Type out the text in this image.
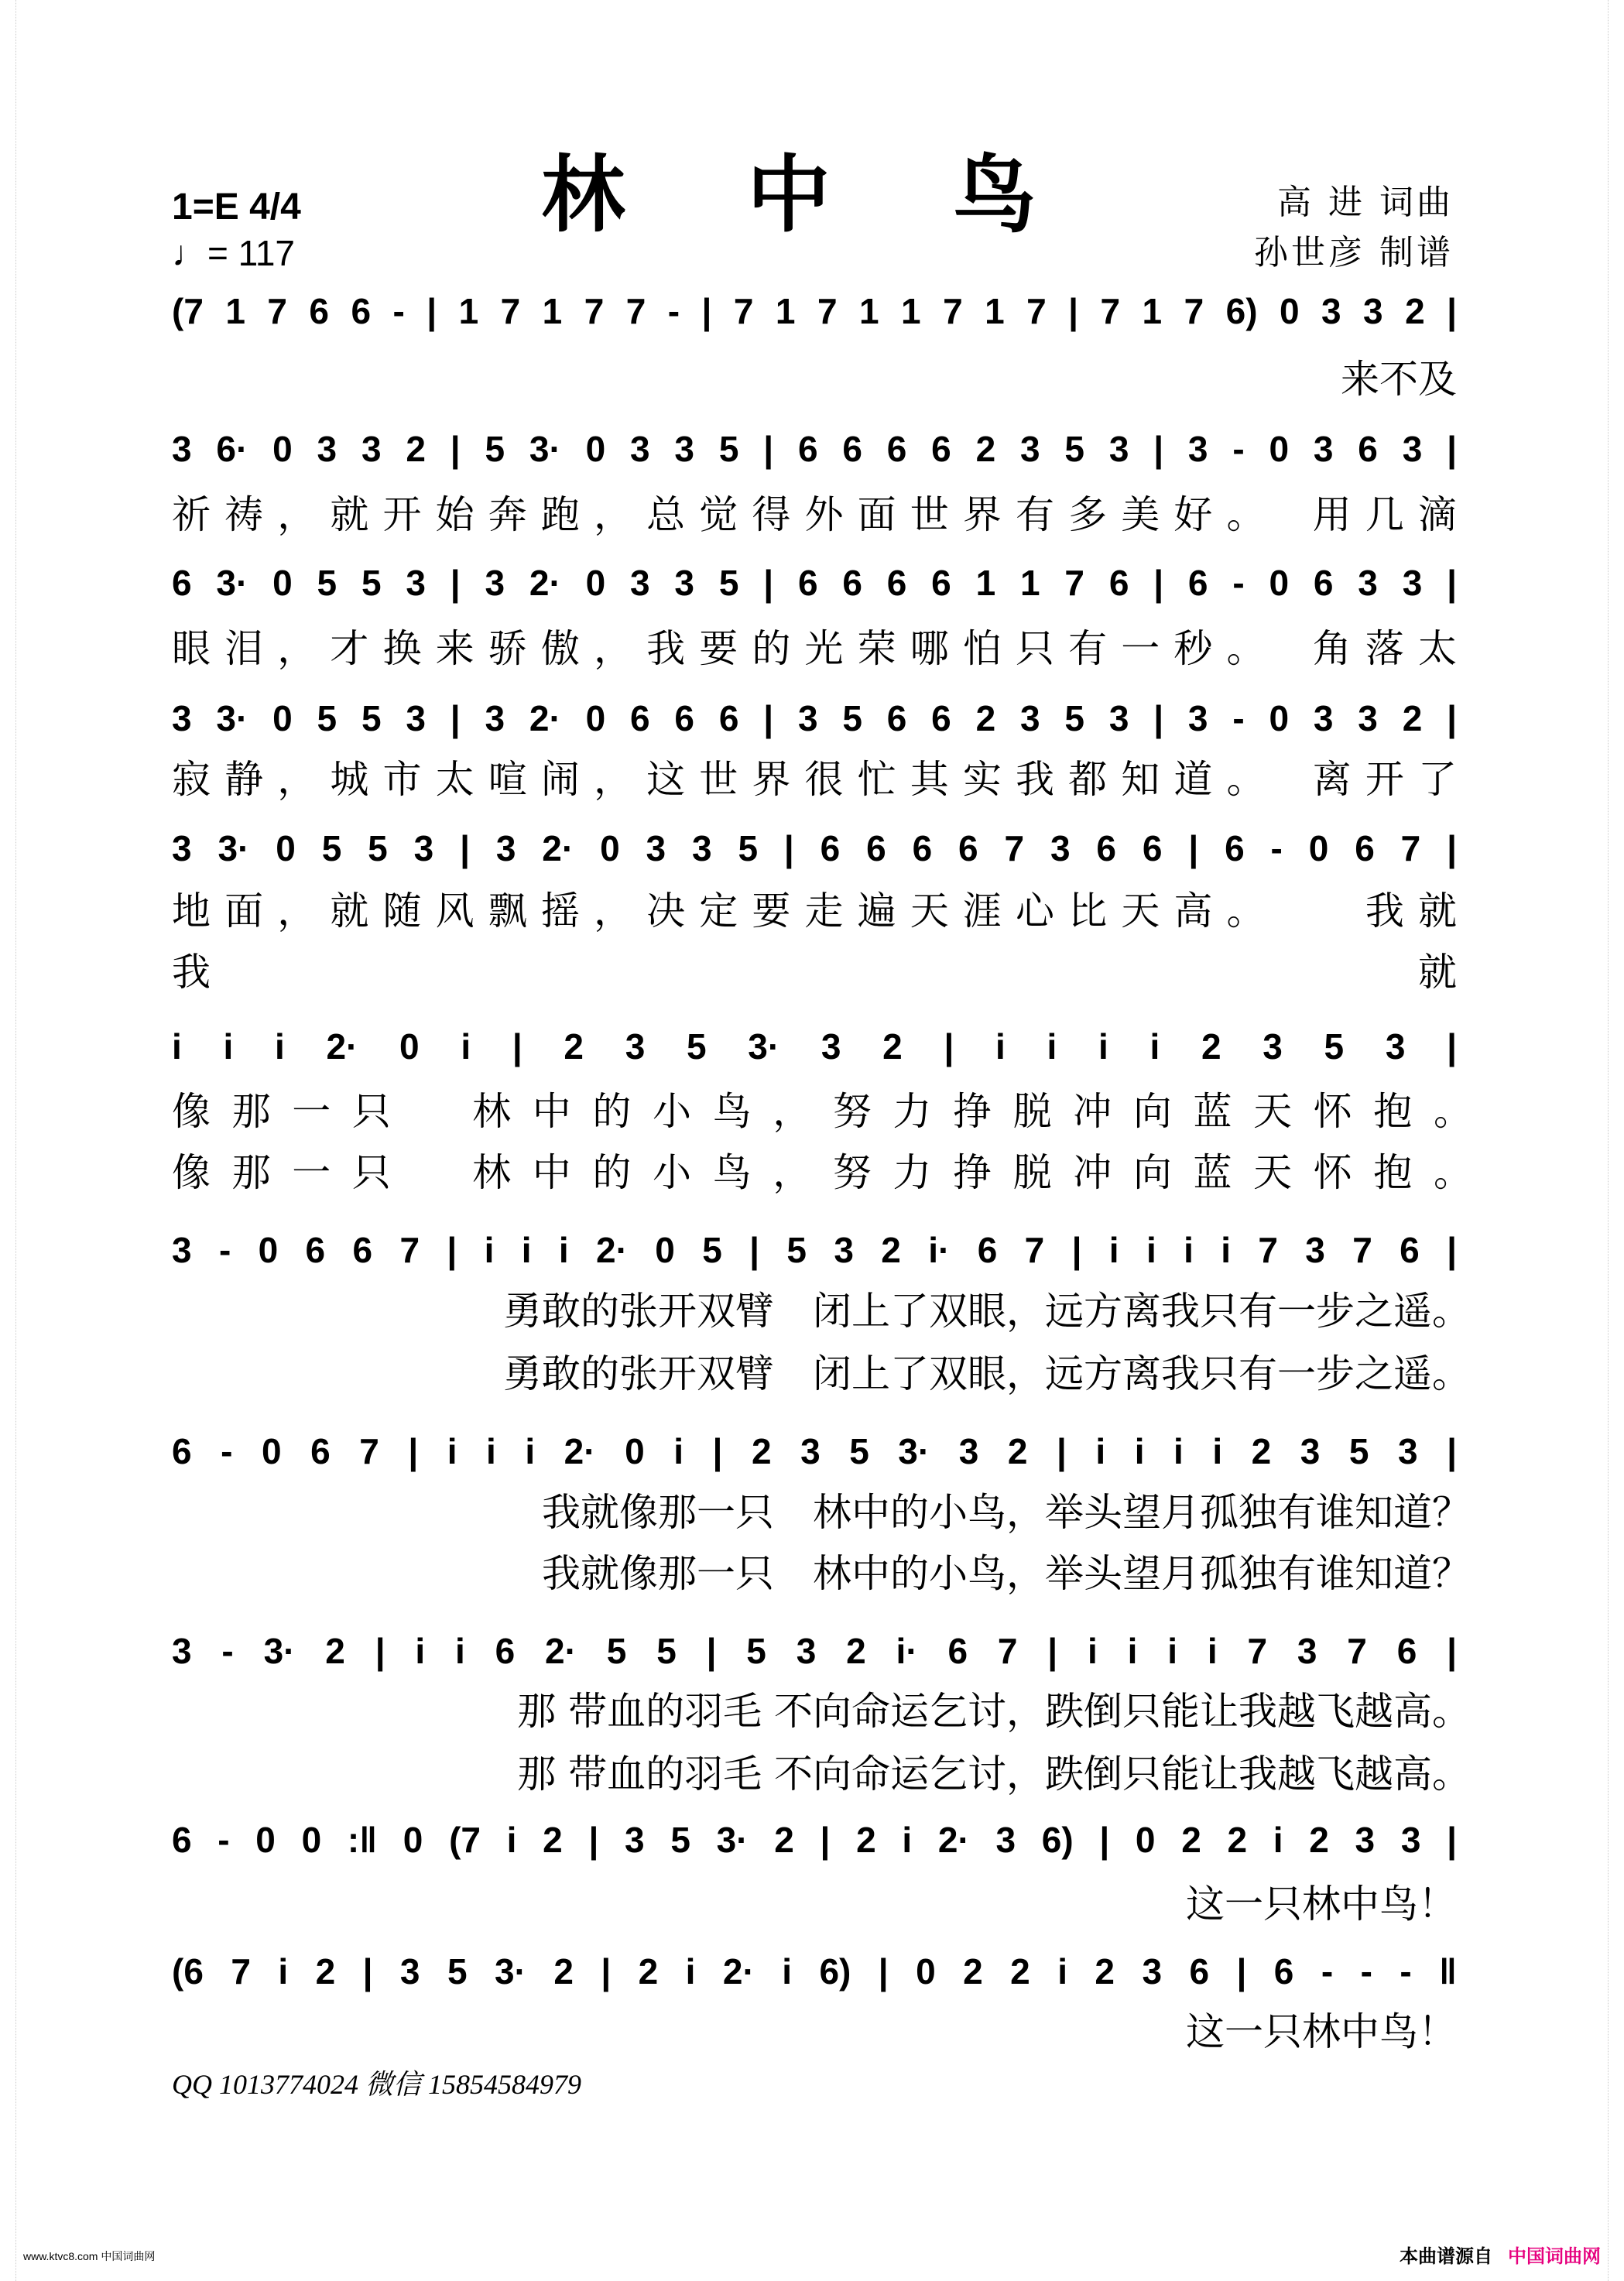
林 中 鸟
1=E 4/4
♩= 117
高 进 词曲
孙世彦 制谱
(7 1 7 6 6 - | 1 7 1 7 7 - | 7 1 7 1 1 7 1 7 | 7 1 7 6) 0 3 3 2 |
来不及
3 6· 0 3 3 2 | 5 3· 0 3 3 5 | 6 6 6 6 2 3 5 3 | 3 - 0 3 6 3 |
祈祷，就开始奔跑，总觉得外面世界有多美好。　用几滴
6 3· 0 5 5 3 | 3 2· 0 3 3 5 | 6 6 6 6 1 1 7 6 | 6 - 0 6 3 3 |
眼泪，才换来骄傲，我要的光荣哪怕只有一秒。　角落太
3 3· 0 5 5 3 | 3 2· 0 6 6 6 | 3 5 6 6 2 3 5 3 | 3 - 0 3 3 2 |
寂静，城市太喧闹，这世界很忙其实我都知道。　离开了
3 3· 0 5 5 3 | 3 2· 0 3 3 5 | 6 6 6 6 7 3 6 6 | 6 - 0 6 7 |
地面，就随风飘摇，决定要走遍天涯心比天高。　　我就
我就
i i i 2· 0 i | 2 3 5 3· 3 2 | i i i i 2 3 5 3 |
像那一只　林中的小鸟，努力挣脱冲向蓝天怀抱。
像那一只　林中的小鸟，努力挣脱冲向蓝天怀抱。
3 - 0 6 6 7 | i i i 2· 0 5 | 5 3 2 i· 6 7 | i i i i 7 3 7 6 |
勇敢的张开双臂　闭上了双眼，远方离我只有一步之遥。
勇敢的张开双臂　闭上了双眼，远方离我只有一步之遥。
6 - 0 6 7 | i i i 2· 0 i | 2 3 5 3· 3 2 | i i i i 2 3 5 3 |
我就像那一只　林中的小鸟，举头望月孤独有谁知道？
我就像那一只　林中的小鸟，举头望月孤独有谁知道？
3 - 3· 2 | i i 6 2· 5 5 | 5 3 2 i· 6 7 | i i i i 7 3 7 6 |
那 带血的羽毛 不向命运乞讨，跌倒只能让我越飞越高。
那 带血的羽毛 不向命运乞讨，跌倒只能让我越飞越高。
6 - 0 0 :‖ 0 (7 i 2 | 3 5 3· 2 | 2 i 2· 3 6) | 0 2 2 i 2 3 3 |
这一只林中鸟！
(6 7 i 2 | 3 5 3· 2 | 2 i 2· i 6) | 0 2 2 i 2 3 6 | 6 - - - ‖
这一只林中鸟！　　
QQ 1013774024 微信 15854584979
www.ktvc8.com 中国词曲网	本曲谱源自 中国词曲网
